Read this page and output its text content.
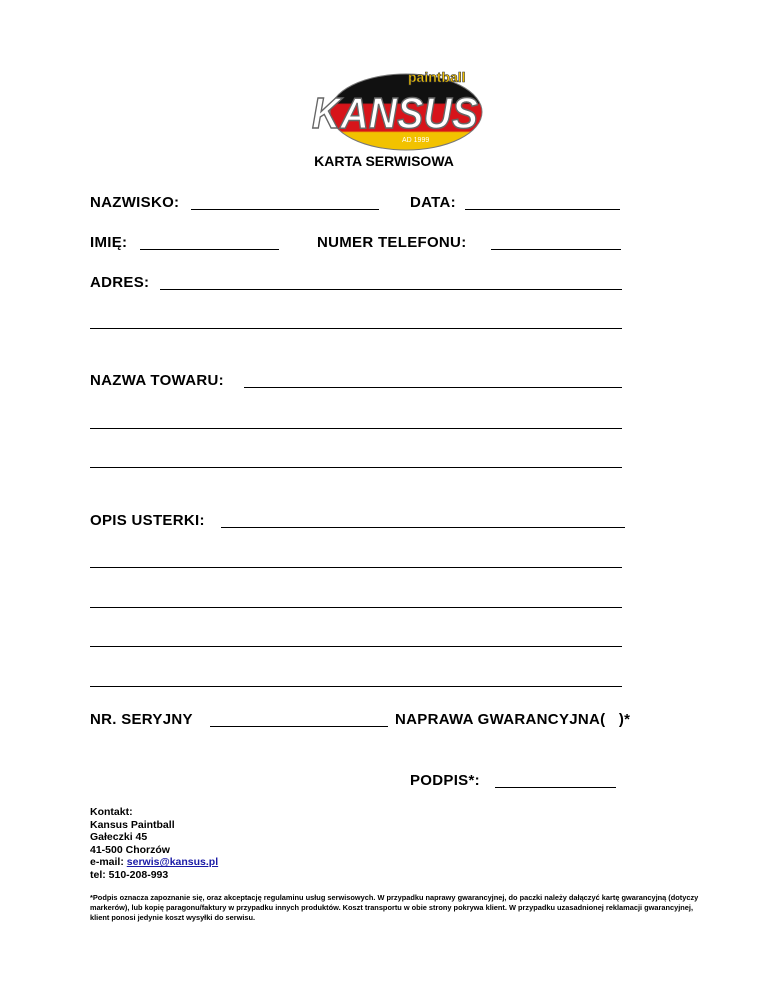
KANSUS
paintball
AD 1999
KARTA SERWISOWA
NAZWISKO:	DATA:
IMIĘ:	NUMER TELEFONU:
ADRES:
NAZWA TOWARU:
OPIS USTERKI:
NR. SERYJNY	NAPRAWA GWARANCYJNA(   )*
PODPIS*:
Kontakt:
Kansus Paintball
Gałeczki 45
41-500 Chorzów
e-mail: serwis@kansus.pl
tel: 510-208-993
*Podpis oznacza zapoznanie się, oraz akceptację regulaminu usług serwisowych. W przypadku naprawy gwarancyjnej, do paczki należy dałączyć kartę gwarancyjną (dotyczy markerów), lub kopię paragonu/faktury w przypadku innych produktów. Koszt transportu w obie strony pokrywa klient. W przypadku uzasadnionej reklamacji gwarancyjnej, klient ponosi jedynie koszt wysyłki do serwisu.
